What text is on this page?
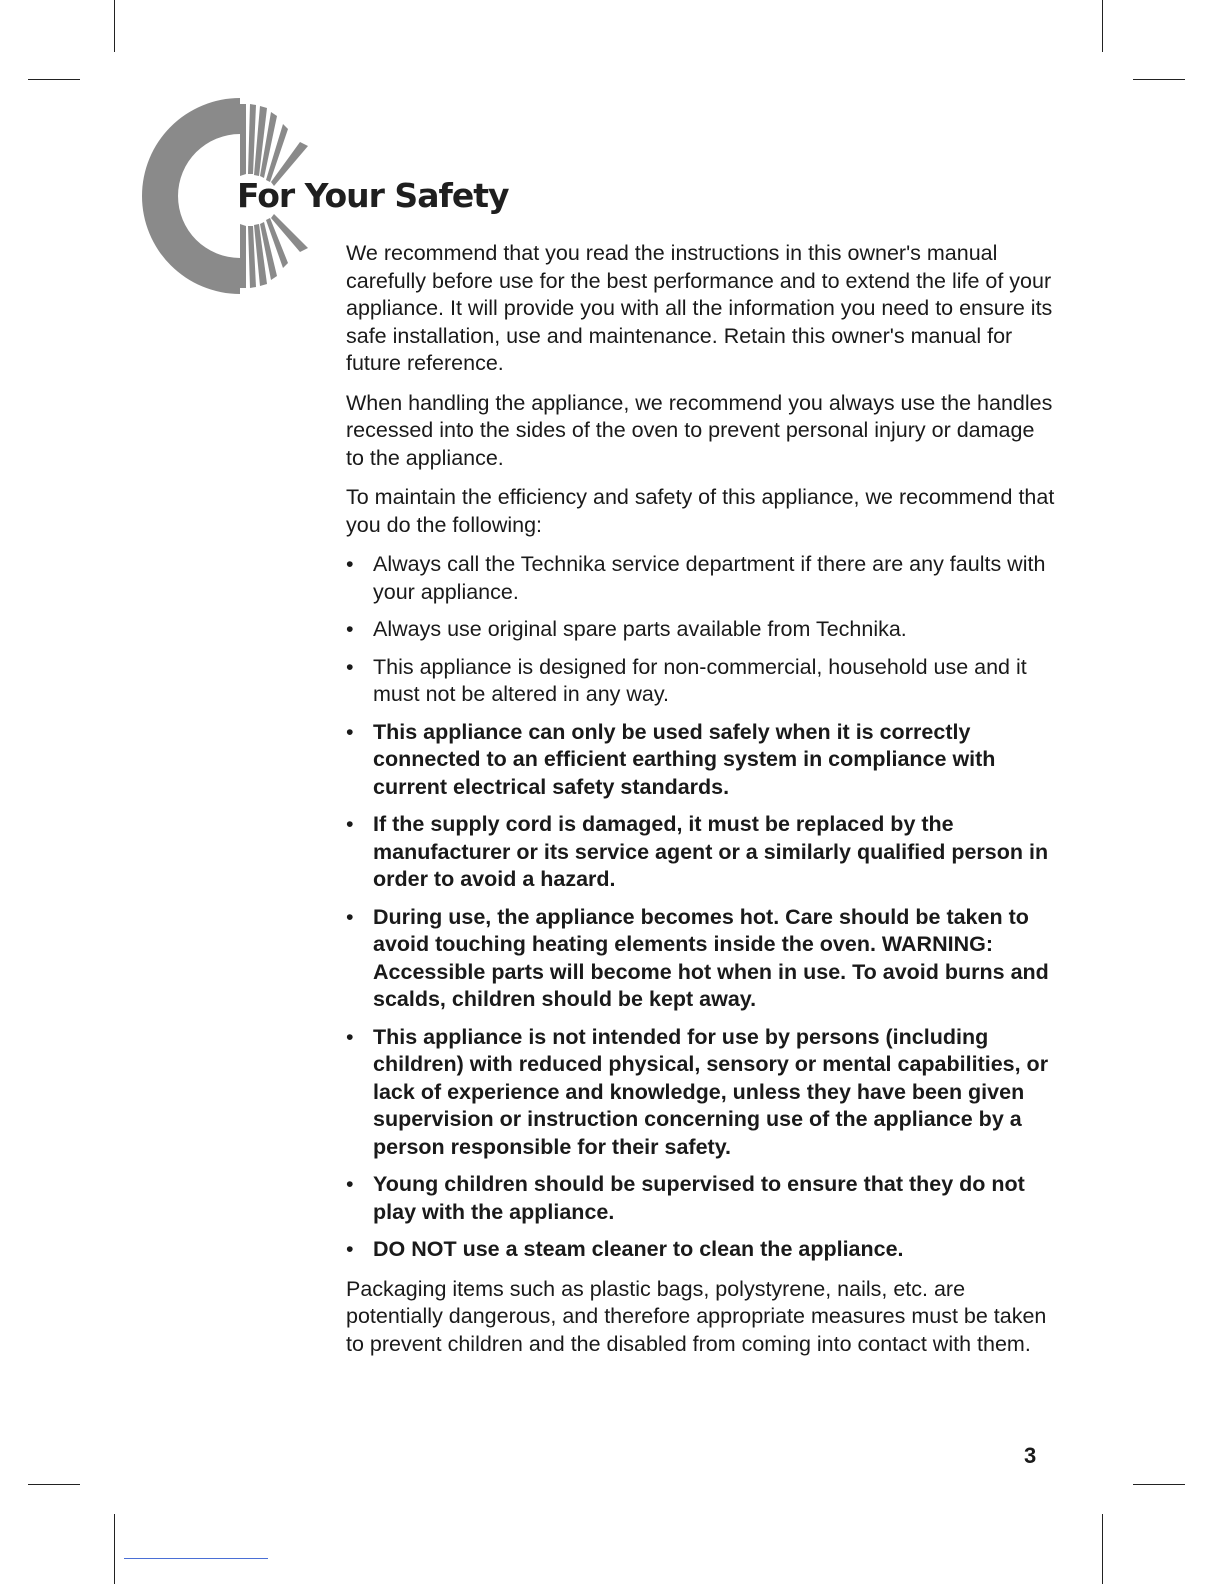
For Your Safety

We recommend that you read the instructions in this owner's manual carefully before use for the best performance and to extend the life of your appliance. It will provide you with all the information you need to ensure its safe installation, use and maintenance. Retain this owner's manual for future reference.

When handling the appliance, we recommend you always use the handles recessed into the sides of the oven to prevent personal injury or damage to the appliance.

To maintain the efficiency and safety of this appliance, we recommend that you do the following:

• Always call the Technika service department if there are any faults with your appliance.
• Always use original spare parts available from Technika.
• This appliance is designed for non-commercial, household use and it must not be altered in any way.
• This appliance can only be used safely when it is correctly connected to an efficient earthing system in compliance with current electrical safety standards.
• If the supply cord is damaged, it must be replaced by the manufacturer or its service agent or a similarly qualified person in order to avoid a hazard.
• During use, the appliance becomes hot. Care should be taken to avoid touching heating elements inside the oven. WARNING: Accessible parts will become hot when in use. To avoid burns and scalds, children should be kept away.
• This appliance is not intended for use by persons (including children) with reduced physical, sensory or mental capabilities, or lack of experience and knowledge, unless they have been given supervision or instruction concerning use of the appliance by a person responsible for their safety.
• Young children should be supervised to ensure that they do not play with the appliance.
• DO NOT use a steam cleaner to clean the appliance.

Packaging items such as plastic bags, polystyrene, nails, etc. are potentially dangerous, and therefore appropriate measures must be taken to prevent children and the disabled from coming into contact with them.

3
